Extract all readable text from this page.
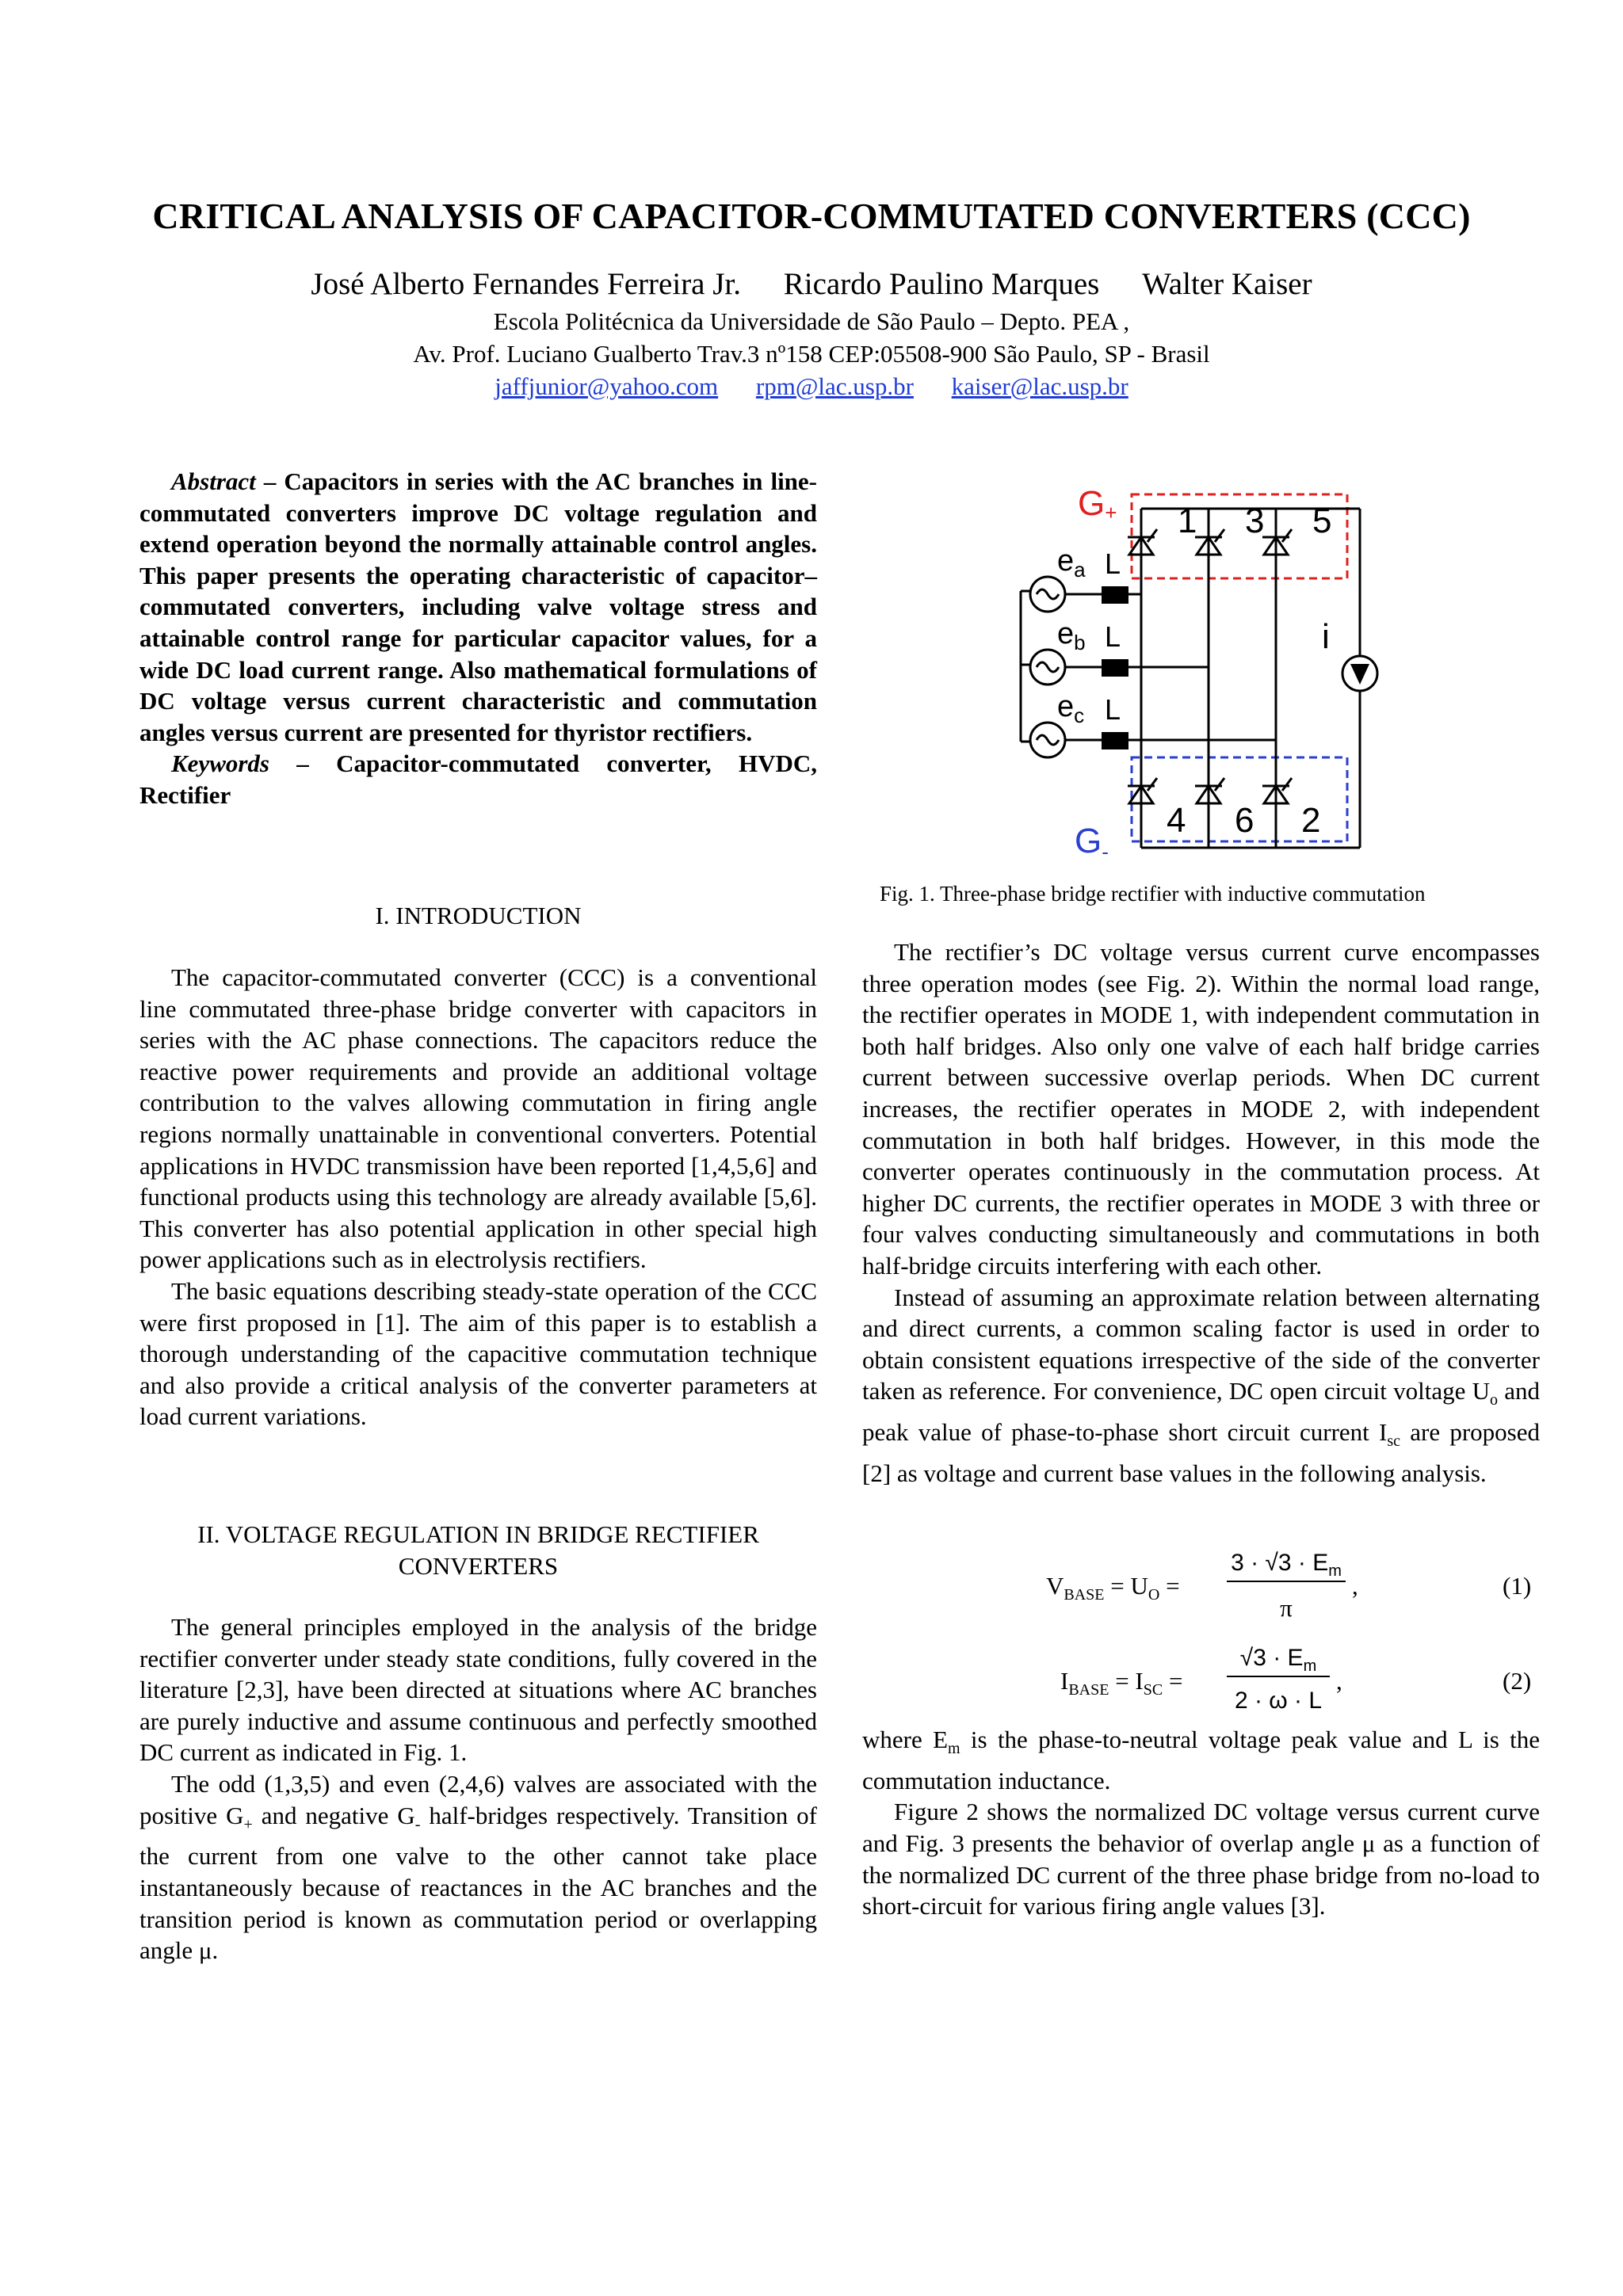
CRITICAL ANALYSIS OF CAPACITOR-COMMUTATED CONVERTERS (CCC)
José Alberto Fernandes Ferreira Jr. Ricardo Paulino Marques Walter Kaiser
Escola Politécnica da Universidade de São Paulo – Depto. PEA ,
Av. Prof. Luciano Gualberto Trav.3 nº158 CEP:05508-900 São Paulo, SP - Brasil
jaffjunior@yahoo.com rpm@lac.usp.br kaiser@lac.usp.br

Abstract – Capacitors in series with the AC branches in line-commutated converters improve DC voltage regulation and extend operation beyond the normally attainable control angles. This paper presents the operating characteristic of capacitor–commutated converters, including valve voltage stress and attainable control range for particular capacitor values, for a wide DC load current range. Also mathematical formulations of DC voltage versus current characteristic and commutation angles versus current are presented for thyristor rectifiers.

Keywords – Capacitor-commutated converter, HVDC, Rectifier

I. INTRODUCTION

The capacitor-commutated converter (CCC) is a conventional line commutated three-phase bridge converter with capacitors in series with the AC phase connections. The capacitors reduce the reactive power requirements and provide an additional voltage contribution to the valves allowing commutation in firing angle regions normally unattainable in conventional converters. Potential applications in HVDC transmission have been reported [1,4,5,6] and functional products using this technology are already available [5,6]. This converter has also potential application in other special high power applications such as in electrolysis rectifiers.

The basic equations describing steady-state operation of the CCC were first proposed in [1]. The aim of this paper is to establish a thorough understanding of the capacitive commutation technique and also provide a critical analysis of the converter parameters at load current variations.

II. VOLTAGE REGULATION IN BRIDGE RECTIFIER
CONVERTERS

The general principles employed in the analysis of the bridge rectifier converter under steady state conditions, fully covered in the literature [2,3], have been directed at situations where AC branches are purely inductive and assume continuous and perfectly smoothed DC current as indicated in Fig. 1.

The odd (1,3,5) and even (2,4,6) valves are associated with the positive $G_+$ and negative $G_-$ half-bridges respectively. Transition of the current from one valve to the other cannot take place instantaneously because of reactances in the AC branches and the transition period is known as commutation period or overlapping angle μ.

1 3 5
4 6 2
G+
G-
$e_a$
$e_b$
$e_c$
L
L
L
i
Fig. 1. Three-phase bridge rectifier with inductive commutation

The rectifier’s DC voltage versus current curve encompasses three operation modes (see Fig. 2). Within the normal load range, the rectifier operates in MODE 1, with independent commutation in both half bridges. Also only one valve of each half bridge carries current between successive overlap periods. When DC current increases, the rectifier operates in MODE 2, with independent commutation in both half bridges. However, in this mode the converter operates continuously in the commutation process. At higher DC currents, the rectifier operates in MODE 3 with three or four valves conducting simultaneously and commutations in both half-bridge circuits interfering with each other.

Instead of assuming an approximate relation between alternating and direct currents, a common scaling factor is used in order to obtain consistent equations irrespective of the side of the converter taken as reference. For convenience, DC open circuit voltage $U_o$ and peak value of phase-to-phase short circuit current $I_{sc}$ are proposed [2] as voltage and current base values in the following analysis.

$V_{BASE} = U_O$ =
$3 \cdot √3 \cdot E_m$
π
,	(1)
$I_{BASE} = I_{SC}$ =
$√3 \cdot E_m$
2 · ω · L
,	(2)

where $E_m$ is the phase-to-neutral voltage peak value and L is the commutation inductance.

Figure 2 shows the normalized DC voltage versus current curve and Fig. 3 presents the behavior of overlap angle μ as a function of the normalized DC current of the three phase bridge from no-load to short-circuit for various firing angle values [3].
